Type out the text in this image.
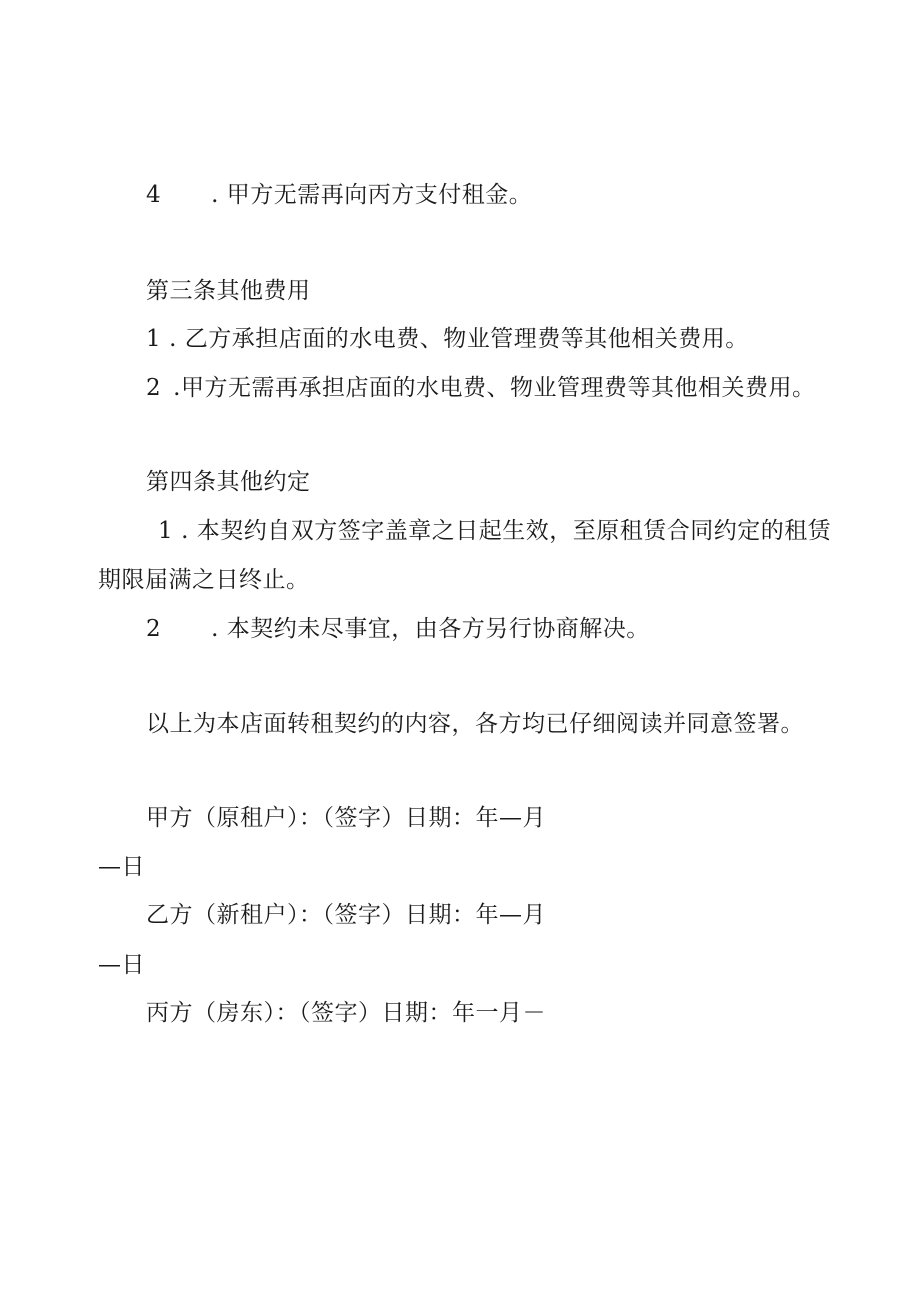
4 . 甲方无需再向丙方支付租金。
第三条其他费用
1 . 乙方承担店面的水电费、物业管理费等其他相关费用。
2 .甲方无需再承担店面的水电费、物业管理费等其他相关费用。
第四条其他约定
1 . 本契约自双方签字盖章之日起生效，至原租赁合同约定的租赁
期限届满之日终止。
2 . 本契约未尽事宜，由各方另行协商解决。
以上为本店面转租契约的内容，各方均已仔细阅读并同意签署。
甲方（原租户）：（签字）日期：年—月
—日
乙方（新租户）：（签字）日期：年—月
—日
丙方（房东）：（签字）日期：年一月－
